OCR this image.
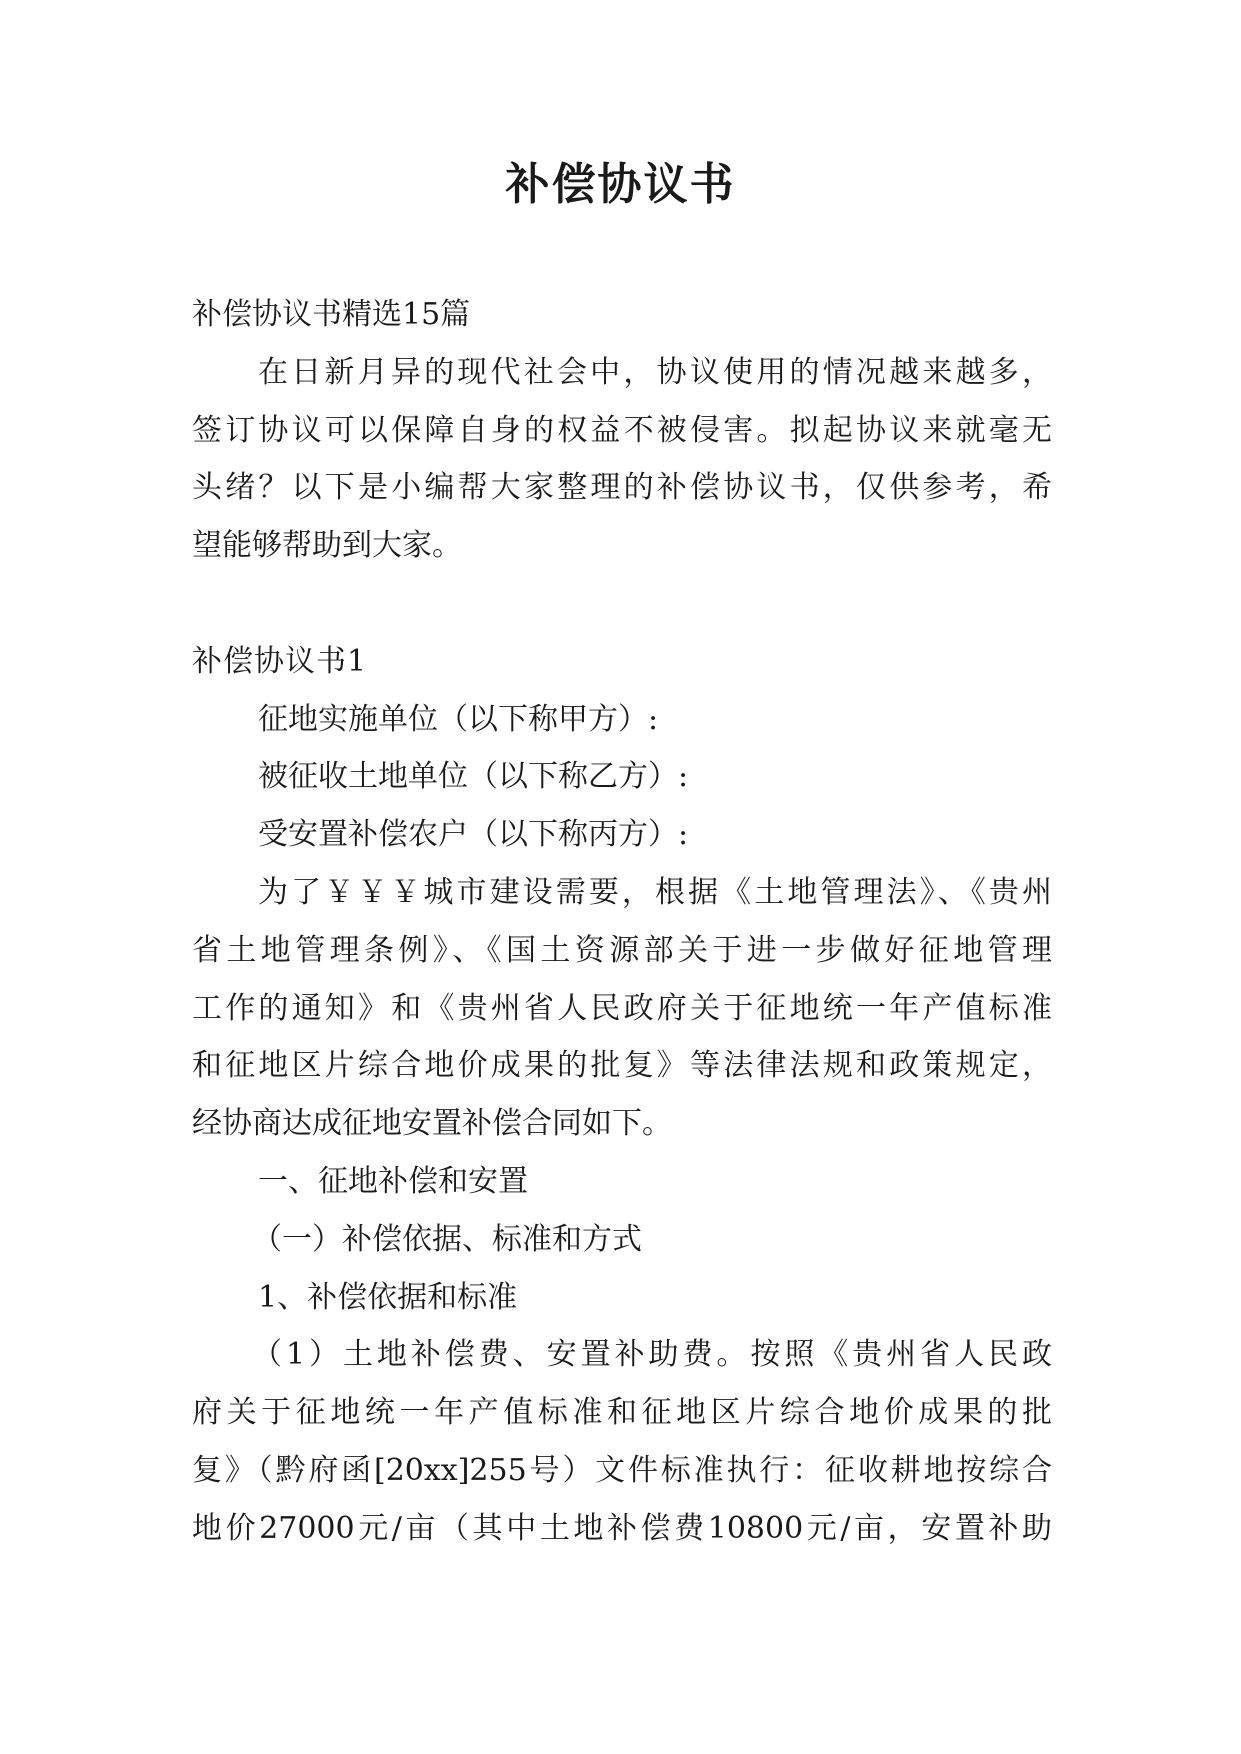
补偿协议书
补偿协议书精选15篇
在日新月异的现代社会中，协议使用的情况越来越多，
签订协议可以保障自身的权益不被侵害。拟起协议来就毫无
头绪？以下是小编帮大家整理的补偿协议书，仅供参考，希
望能够帮助到大家。
补偿协议书1
征地实施单位（以下称甲方）:
被征收土地单位（以下称乙方）:
受安置补偿农户（以下称丙方）:
为了￥￥￥城市建设需要，根据《土地管理法》、《贵州
省土地管理条例》、《国土资源部关于进一步做好征地管理
工作的通知》和《贵州省人民政府关于征地统一年产值标准
和征地区片综合地价成果的批复》等法律法规和政策规定，
经协商达成征地安置补偿合同如下。
一、征地补偿和安置
（一）补偿依据、标准和方式
1、补偿依据和标准
（1）土地补偿费、安置补助费。按照《贵州省人民政
府关于征地统一年产值标准和征地区片综合地价成果的批
复》（黔府函[20xx]255号）文件标准执行：征收耕地按综合
地价27000元/亩（其中土地补偿费10800元/亩，安置补助
